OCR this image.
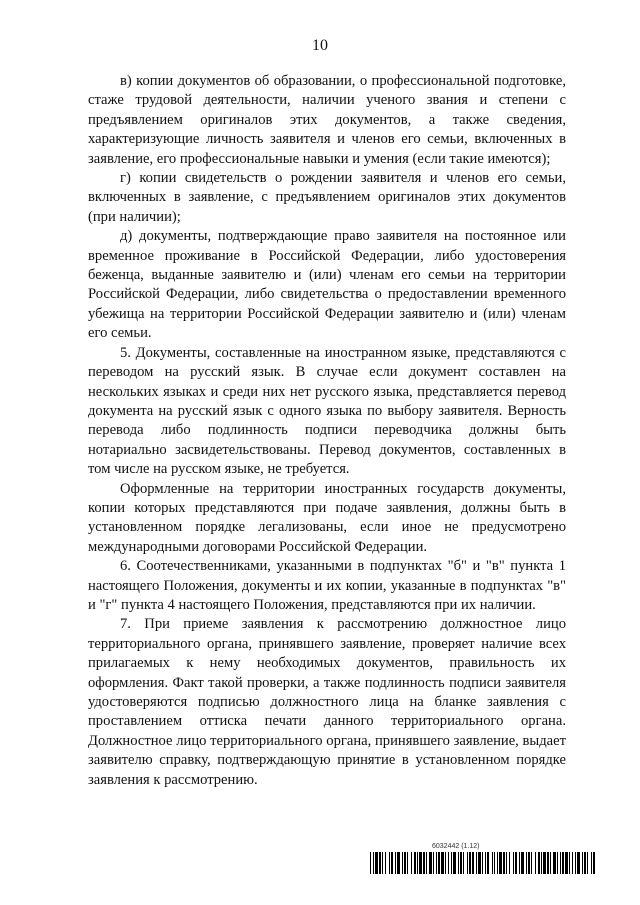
10

в) копии документов об образовании, о профессиональной подготовке, стаже трудовой деятельности, наличии ученого звания и степени с предъявлением оригиналов этих документов, а также сведения, характеризующие личность заявителя и членов его семьи, включенных в заявление, его профессиональные навыки и умения (если такие имеются);

г) копии свидетельств о рождении заявителя и членов его семьи, включенных в заявление, с предъявлением оригиналов этих документов (при наличии);

д) документы, подтверждающие право заявителя на постоянное или временное проживание в Российской Федерации, либо удостоверения беженца, выданные заявителю и (или) членам его семьи на территории Российской Федерации, либо свидетельства о предоставлении временного убежища на территории Российской Федерации заявителю и (или) членам его семьи.

5. Документы, составленные на иностранном языке, представляются с переводом на русский язык. В случае если документ составлен на нескольких языках и среди них нет русского языка, представляется перевод документа на русский язык с одного языка по выбору заявителя. Верность перевода либо подлинность подписи переводчика должны быть нотариально засвидетельствованы. Перевод документов, составленных в том числе на русском языке, не требуется.

Оформленные на территории иностранных государств документы, копии которых представляются при подаче заявления, должны быть в установленном порядке легализованы, если иное не предусмотрено международными договорами Российской Федерации.

6. Соотечественниками, указанными в подпунктах "б" и "в" пункта 1 настоящего Положения, документы и их копии, указанные в подпунктах "в" и "г" пункта 4 настоящего Положения, представляются при их наличии.

7. При приеме заявления к рассмотрению должностное лицо территориального органа, принявшего заявление, проверяет наличие всех прилагаемых к нему необходимых документов, правильность их оформления. Факт такой проверки, а также подлинность подписи заявителя удостоверяются подписью должностного лица на бланке заявления с проставлением оттиска печати данного территориального органа. Должностное лицо территориального органа, принявшего заявление, выдает заявителю справку, подтверждающую принятие в установленном порядке заявления к рассмотрению.

6032442 (1.12)
